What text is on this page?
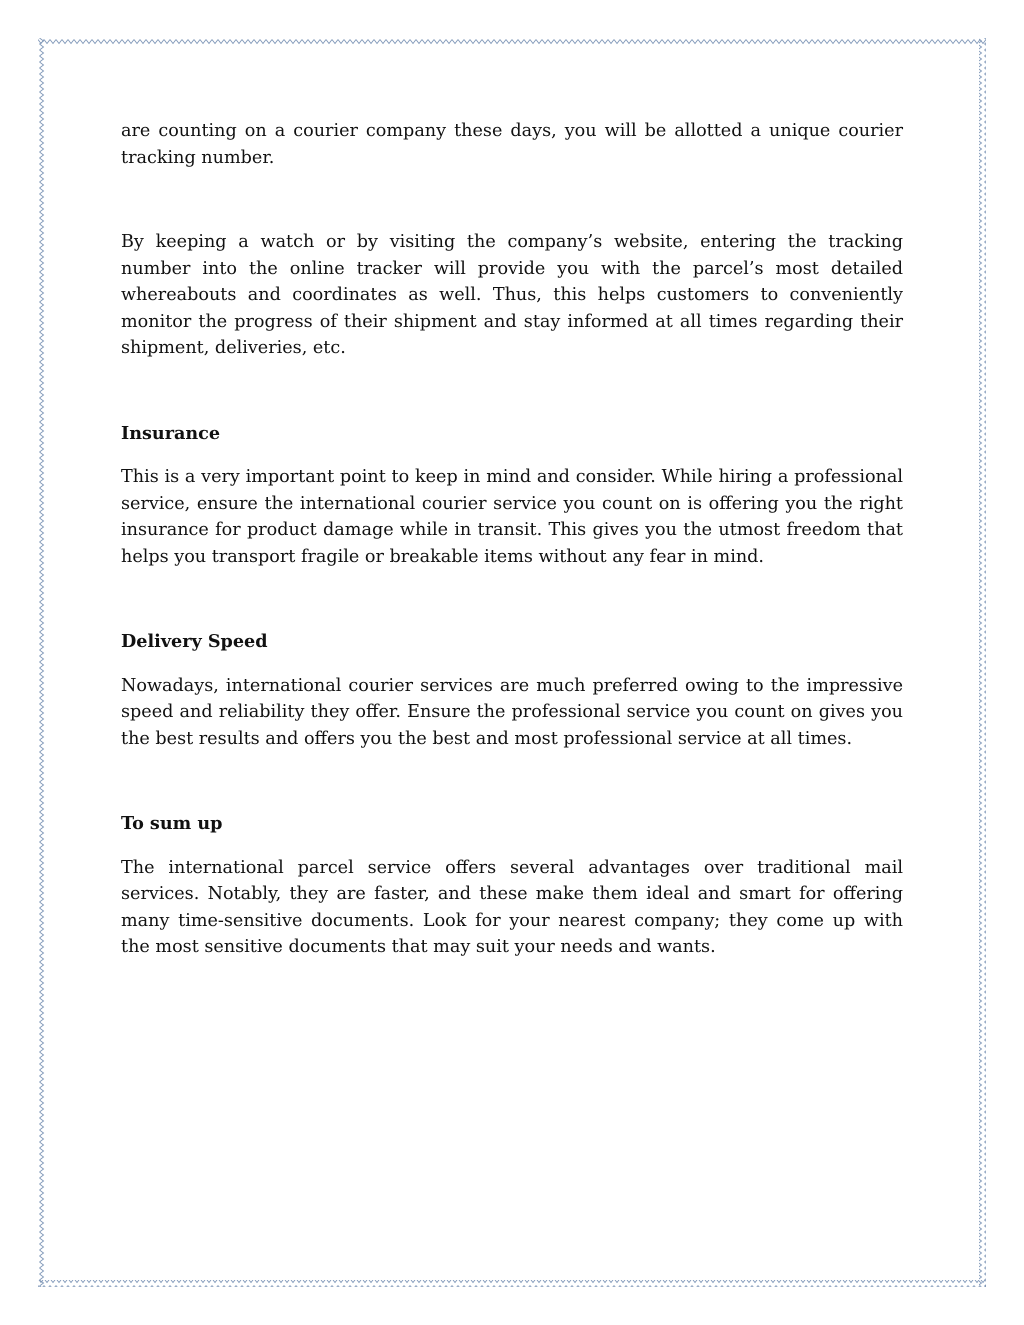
are counting on a courier company these days, you will be allotted a unique courier tracking number.

By keeping a watch or by visiting the company’s website, entering the tracking number into the online tracker will provide you with the parcel’s most detailed whereabouts and coordinates as well. Thus, this helps customers to conveniently monitor the progress of their shipment and stay informed at all times regarding their shipment, deliveries, etc.

Insurance

This is a very important point to keep in mind and consider. While hiring a professional service, ensure the international courier service you count on is offering you the right insurance for product damage while in transit. This gives you the utmost freedom that helps you transport fragile or breakable items without any fear in mind.

Delivery Speed

Nowadays, international courier services are much preferred owing to the impressive speed and reliability they offer. Ensure the professional service you count on gives you the best results and offers you the best and most professional service at all times.

To sum up

The international parcel service offers several advantages over traditional mail services. Notably, they are faster, and these make them ideal and smart for offering many time-sensitive documents. Look for your nearest company; they come up with the most sensitive documents that may suit your needs and wants.
